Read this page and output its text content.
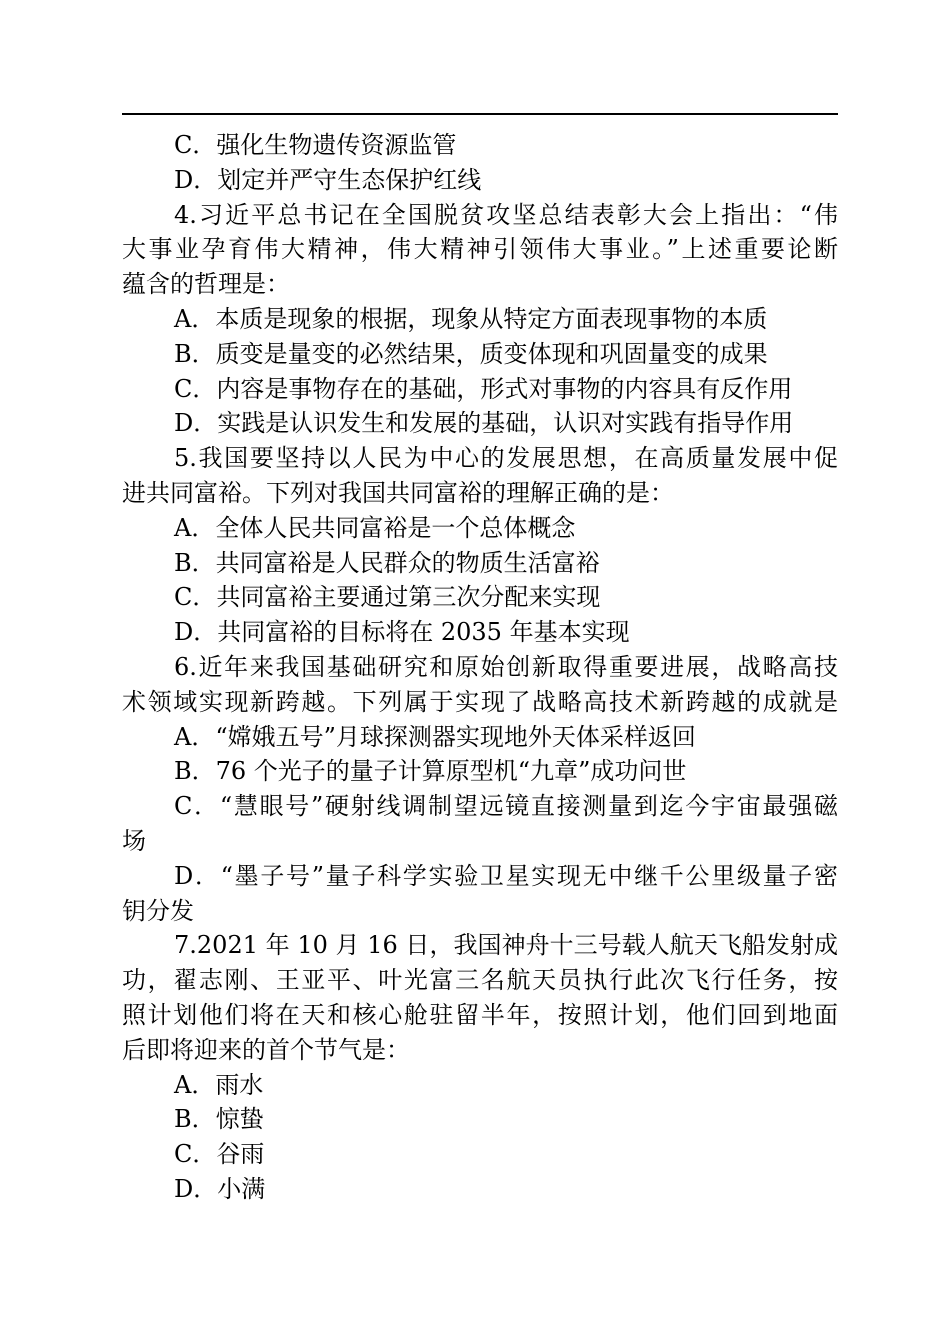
C．强化生物遗传资源监管
D．划定并严守生态保护红线
4.习近平总书记在全国脱贫攻坚总结表彰大会上指出：“伟
大事业孕育伟大精神，伟大精神引领伟大事业。”上述重要论断
蕴含的哲理是：
A．本质是现象的根据，现象从特定方面表现事物的本质
B．质变是量变的必然结果，质变体现和巩固量变的成果
C．内容是事物存在的基础，形式对事物的内容具有反作用
D．实践是认识发生和发展的基础，认识对实践有指导作用
5.我国要坚持以人民为中心的发展思想，在高质量发展中促
进共同富裕。下列对我国共同富裕的理解正确的是：
A．全体人民共同富裕是一个总体概念
B．共同富裕是人民群众的物质生活富裕
C．共同富裕主要通过第三次分配来实现
D．共同富裕的目标将在 2035 年基本实现
6.近年来我国基础研究和原始创新取得重要进展，战略高技
术领域实现新跨越。下列属于实现了战略高技术新跨越的成就是
A．“嫦娥五号”月球探测器实现地外天体采样返回
B．76 个光子的量子计算原型机“九章”成功问世
C．“慧眼号”硬射线调制望远镜直接测量到迄今宇宙最强磁
场
D．“墨子号”量子科学实验卫星实现无中继千公里级量子密
钥分发
7.2021 年 10 月 16 日，我国神舟十三号载人航天飞船发射成
功，翟志刚、王亚平、叶光富三名航天员执行此次飞行任务，按
照计划他们将在天和核心舱驻留半年，按照计划，他们回到地面
后即将迎来的首个节气是：
A．雨水
B．惊蛰
C．谷雨
D．小满
